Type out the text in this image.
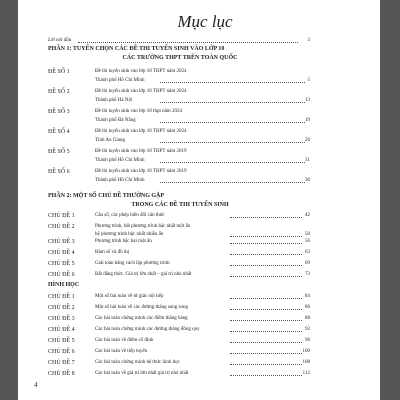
Mục lục
Lời nói đầu	3
PHẦN 1: TUYỂN CHỌN CÁC ĐỀ THI TUYỂN SINH VÀO LỚP 10
CÁC TRƯỜNG THPT TRÊN TOÀN QUỐC
PHẦN 2: MỘT SỐ CHỦ ĐỀ THƯỜNG GẶP
TRONG CÁC ĐỀ THI TUYỂN SINH
HÌNH HỌC
4
ĐỀ SỐ 1	Đề thi tuyển sinh vào lớp 10 THPT năm 2024
Thành phố Hồ Chí Minh	5
ĐỀ SỐ 2	Đề thi tuyển sinh vào lớp 10 THPT năm 2024
Thành phố Hà Nội	13
ĐỀ SỐ 3	Đề thi tuyển sinh vào lớp 10 thpt năm 2024
Thành phố Đà Nẵng	19
ĐỀ SỐ 4	Đề thi tuyển sinh vào lớp 10 THPT năm 2024
Tỉnh An Giang	26
ĐỀ SỐ 5	Đề thi tuyển sinh vào lớp 10 THPT năm 2019
Thành phố Hồ Chí Minh	31
ĐỀ SỐ 6	Đề thi tuyển sinh vào lớp 10 THPT năm 2019
Thành phố Hồ Chí Minh	36
CHỦ ĐỀ 1	Căn số, các phép biến đổi căn thức	42
CHỦ ĐỀ 2	Phương trình, bất phương trình bậc nhất một ẩn
hệ phương trình bậc nhất nhiều ẩn	50
CHỦ ĐỀ 3	Phương trình bậc hai một ẩn	56
CHỦ ĐỀ 4	Hàm số và đồ thị	63
CHỦ ĐỀ 5	Giải toán bằng cách lập phương trình	69
CHỦ ĐỀ 6	Bất đẳng thức. Giá trị lớn nhất – giá trị nhỏ nhất	73
CHỦ ĐỀ 1	Một số bài toán về tứ giác nội tiếp	84
CHỦ ĐỀ 2	Một số bài toán về các đường thẳng song song	86
CHỦ ĐỀ 3	Các bài toán chứng minh các điểm thẳng hàng	88
CHỦ ĐỀ 4	Các bài toán chứng minh các đường thẳng đồng quy	92
CHỦ ĐỀ 5	Các bài toán về điểm cố định	96
CHỦ ĐỀ 6	Các bài toán về tiếp tuyến	100
CHỦ ĐỀ 7	Các bài toán chứng minh hệ thức hình học	108
CHỦ ĐỀ 8	Các bài toán về giá trị lớn nhất giá trị nhỏ nhất	112
